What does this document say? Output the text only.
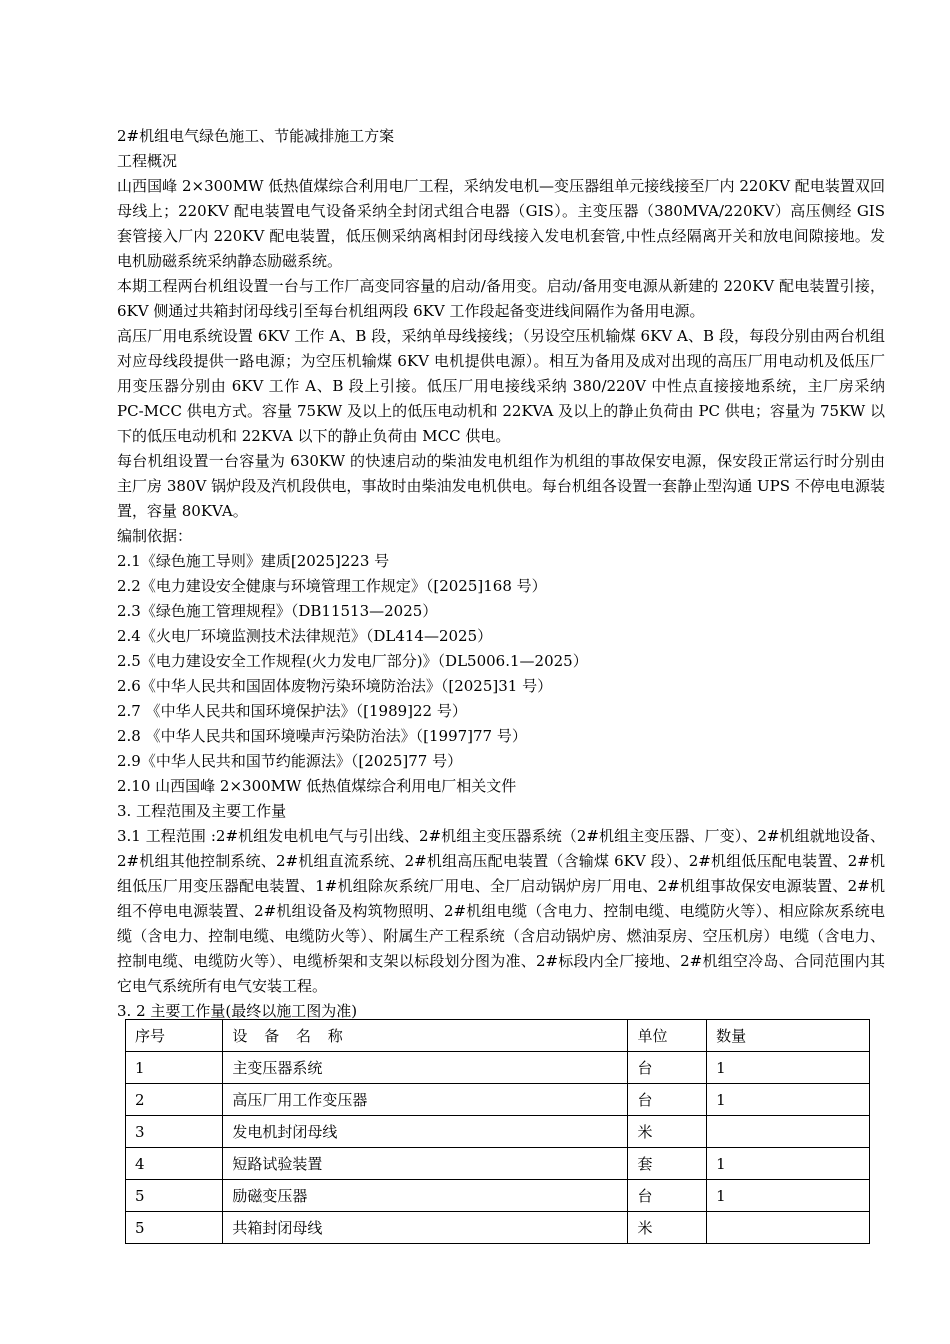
2#机组电气绿色施工、节能减排施工方案

工程概况

山西国峰 2×300MW 低热值煤综合利用电厂工程，采纳发电机—变压器组单元接线接至厂内 220KV 配电装置双回母线上；220KV 配电装置电气设备采纳全封闭式组合电器（GIS）。主变压器（380MVA/220KV）高压侧经 GIS 套管接入厂内 220KV 配电装置，低压侧采纳离相封闭母线接入发电机套管,中性点经隔离开关和放电间隙接地。发电机励磁系统采纳静态励磁系统。

本期工程两台机组设置一台与工作厂高变同容量的启动/备用变。启动/备用变电源从新建的 220KV 配电装置引接，6KV 侧通过共箱封闭母线引至每台机组两段 6KV 工作段起备变进线间隔作为备用电源。

高压厂用电系统设置 6KV 工作 A、B 段，采纳单母线接线；（另设空压机输煤 6KV A、B 段，每段分别由两台机组对应母线段提供一路电源；为空压机输煤 6KV 电机提供电源）。相互为备用及成对出现的高压厂用电动机及低压厂用变压器分别由 6KV 工作 A、B 段上引接。低压厂用电接线采纳 380/220V 中性点直接接地系统，主厂房采纳 PC-MCC 供电方式。容量 75KW 及以上的低压电动机和 22KVA 及以上的静止负荷由 PC 供电；容量为 75KW 以下的低压电动机和 22KVA 以下的静止负荷由 MCC 供电。

每台机组设置一台容量为 630KW 的快速启动的柴油发电机组作为机组的事故保安电源，保安段正常运行时分别由主厂房 380V 锅炉段及汽机段供电，事故时由柴油发电机供电。每台机组各设置一套静止型沟通 UPS 不停电电源装置，容量 80KVA。

编制依据：

2.1《绿色施工导则》建质[2025]223 号

2.2《电力建设安全健康与环境管理工作规定》（[2025]168 号）

2.3《绿色施工管理规程》（DB11513—2025）

2.4《火电厂环境监测技术法律规范》（DL414—2025）

2.5《电力建设安全工作规程(火力发电厂部分)》（DL5006.1—2025）

2.6《中华人民共和国固体废物污染环境防治法》（[2025]31 号）

2.7 《中华人民共和国环境保护法》（[1989]22 号）

2.8 《中华人民共和国环境噪声污染防治法》（[1997]77 号）

2.9《中华人民共和国节约能源法》（[2025]77 号）

2.10 山西国峰 2×300MW 低热值煤综合利用电厂相关文件

3. 工程范围及主要工作量

3.1 工程范围 :2#机组发电机电气与引出线、2#机组主变压器系统（2#机组主变压器、厂变）、2#机组就地设备、2#机组其他控制系统、2#机组直流系统、2#机组高压配电装置（含输煤 6KV 段）、2#机组低压配电装置、2#机组低压厂用变压器配电装置、1#机组除灰系统厂用电、全厂启动锅炉房厂用电、2#机组事故保安电源装置、2#机组不停电电源装置、2#机组设备及构筑物照明、2#机组电缆（含电力、控制电缆、电缆防火等）、相应除灰系统电缆（含电力、控制电缆、电缆防火等）、附属生产工程系统（含启动锅炉房、燃油泵房、空压机房）电缆（含电力、控制电缆、电缆防火等）、电缆桥架和支架以标段划分图为准、2#标段内全厂接地、2#机组空冷岛、合同范围内其它电气系统所有电气安装工程。

3. 2 主要工作量(最终以施工图为准)

序号	设 备 名 称	单位	数量
1	主变压器系统	台	1
2	高压厂用工作变压器	台	1
3	发电机封闭母线	米	
4	短路试验装置	套	1
5	励磁变压器	台	1
5	共箱封闭母线	米	
